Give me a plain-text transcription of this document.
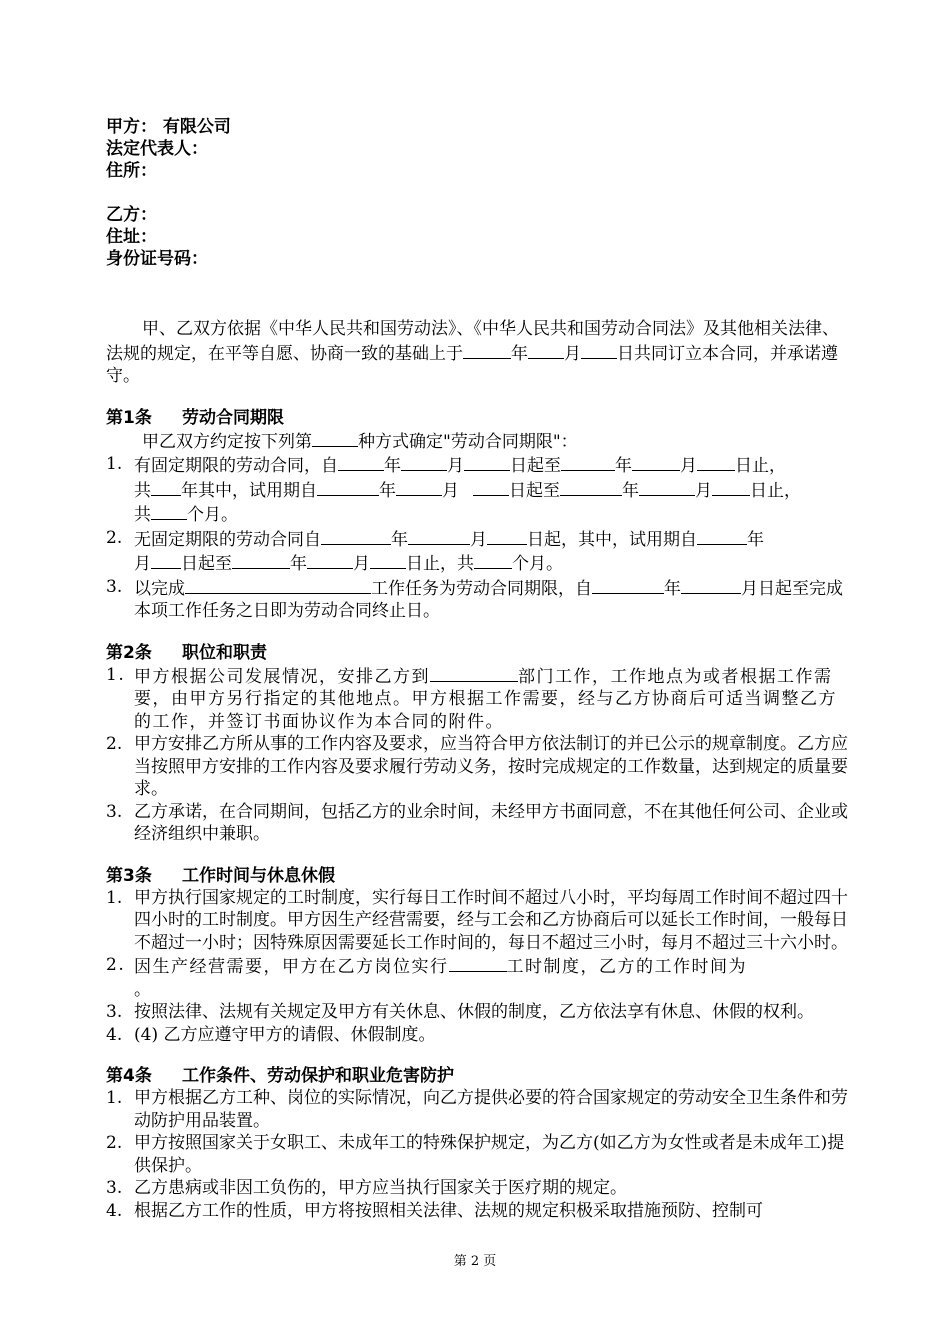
甲方： 有限公司

法定代表人：

住所：

乙方：

住址：

身份证号码：

甲、乙双方依据《中华人民共和国劳动法》、《中华人民共和国劳动合同法》及其他相关法律、法规的规定，在平等自愿、协商一致的基础上于	年 月 日共同订立本合同，并承诺遵守。

第1条 劳动合同期限

甲乙双方约定按下列第	种方式确定"劳动合同期限"：

1. 有固定期限的劳动合同，自	年	月	日起至	年	月 日止，
共 年其中，试用期自	年	月	日起至	年	月 日止，
共 个月。
2. 无固定期限的劳动合同自	年	月 日起，其中，试用期自	年
月 日起至	年	月 日止，共 个月。
3. 以完成	工作任务为劳动合同期限，自	年	月日起至完成本项工作任务之日即为劳动合同终止日。

第2条 职位和职责

1. 甲方根据公司发展情况，安排乙方到	部门工作，工作地点为或者根据工作需要，由甲方另行指定的其他地点。甲方根据工作需要，经与乙方协商后可适当调整乙方的工作，并签订书面协议作为本合同的附件。
2. 甲方安排乙方所从事的工作内容及要求，应当符合甲方依法制订的并已公示的规章制度。乙方应当按照甲方安排的工作内容及要求履行劳动义务，按时完成规定的工作数量，达到规定的质量要求。
3. 乙方承诺，在合同期间，包括乙方的业余时间，未经甲方书面同意，不在其他任何公司、企业或经济组织中兼职。

第3条 工作时间与休息休假

1. 甲方执行国家规定的工时制度，实行每日工作时间不超过八小时，平均每周工作时间不超过四十四小时的工时制度。甲方因生产经营需要，经与工会和乙方协商后可以延长工作时间，一般每日不超过一小时；因特殊原因需要延长工作时间的，每日不超过三小时，每月不超过三十六小时。
2. 因生产经营需要，甲方在乙方岗位实行	工时制度，乙方的工作时间为
。
3. 按照法律、法规有关规定及甲方有关休息、休假的制度，乙方依法享有休息、休假的权利。
4. (4) 乙方应遵守甲方的请假、休假制度。

第4条 工作条件、劳动保护和职业危害防护

1. 甲方根据乙方工种、岗位的实际情况，向乙方提供必要的符合国家规定的劳动安全卫生条件和劳动防护用品装置。
2. 甲方按照国家关于女职工、未成年工的特殊保护规定，为乙方(如乙方为女性或者是未成年工)提供保护。
3. 乙方患病或非因工负伤的，甲方应当执行国家关于医疗期的规定。
4. 根据乙方工作的性质，甲方将按照相关法律、法规的规定积极采取措施预防、控制可
第 2 页
